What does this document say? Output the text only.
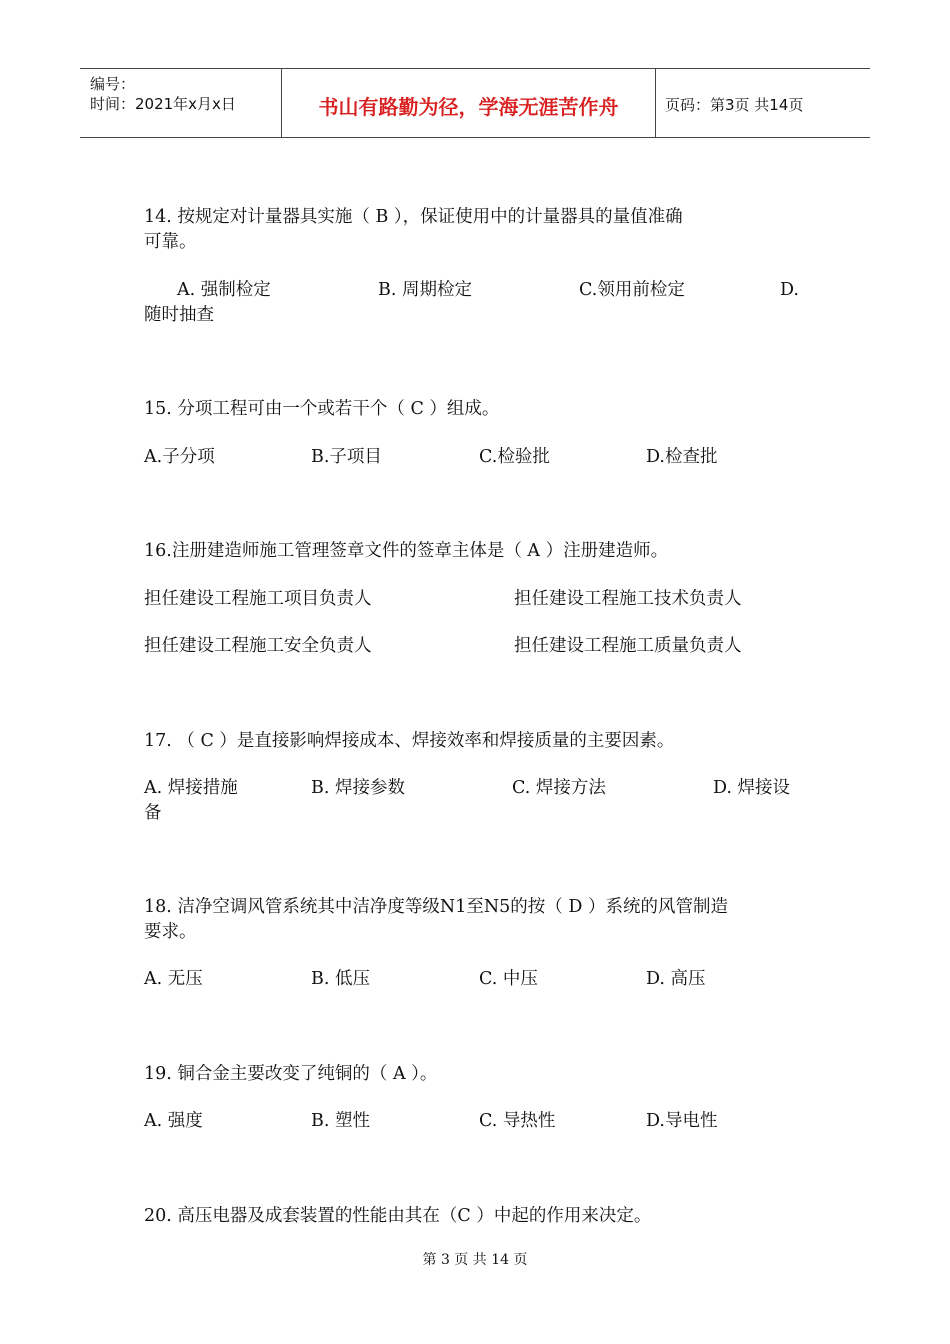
编号：
时间：2021年x月x日	书山有路勤为径，学海无涯苦作舟	页码：第3页 共14页
14. 按规定对计量器具实施（ B ），保证使用中的计量器具的量值准确
可靠。
A. 强制检定	B. 周期检定	C.领用前检定	D.
随时抽查
15. 分项工程可由一个或若干个（ C ）组成。
A.子分项	B.子项目	C.检验批	D.检查批
16.注册建造师施工管理签章文件的签章主体是（ A ）注册建造师。
担任建设工程施工项目负责人	担任建设工程施工技术负责人
担任建设工程施工安全负责人	担任建设工程施工质量负责人
17. （ C ）是直接影响焊接成本、焊接效率和焊接质量的主要因素。
A. 焊接措施	B. 焊接参数	C. 焊接方法	D. 焊接设
备
18. 洁净空调风管系统其中洁净度等级N1至N5的按（ D ）系统的风管制造
要求。
A. 无压	B. 低压	C. 中压	D. 高压
19. 铜合金主要改变了纯铜的（ A ）。
A. 强度	B. 塑性	C. 导热性	D.导电性
20. 高压电器及成套装置的性能由其在（C ）中起的作用来决定。
第 3 页 共 14 页
